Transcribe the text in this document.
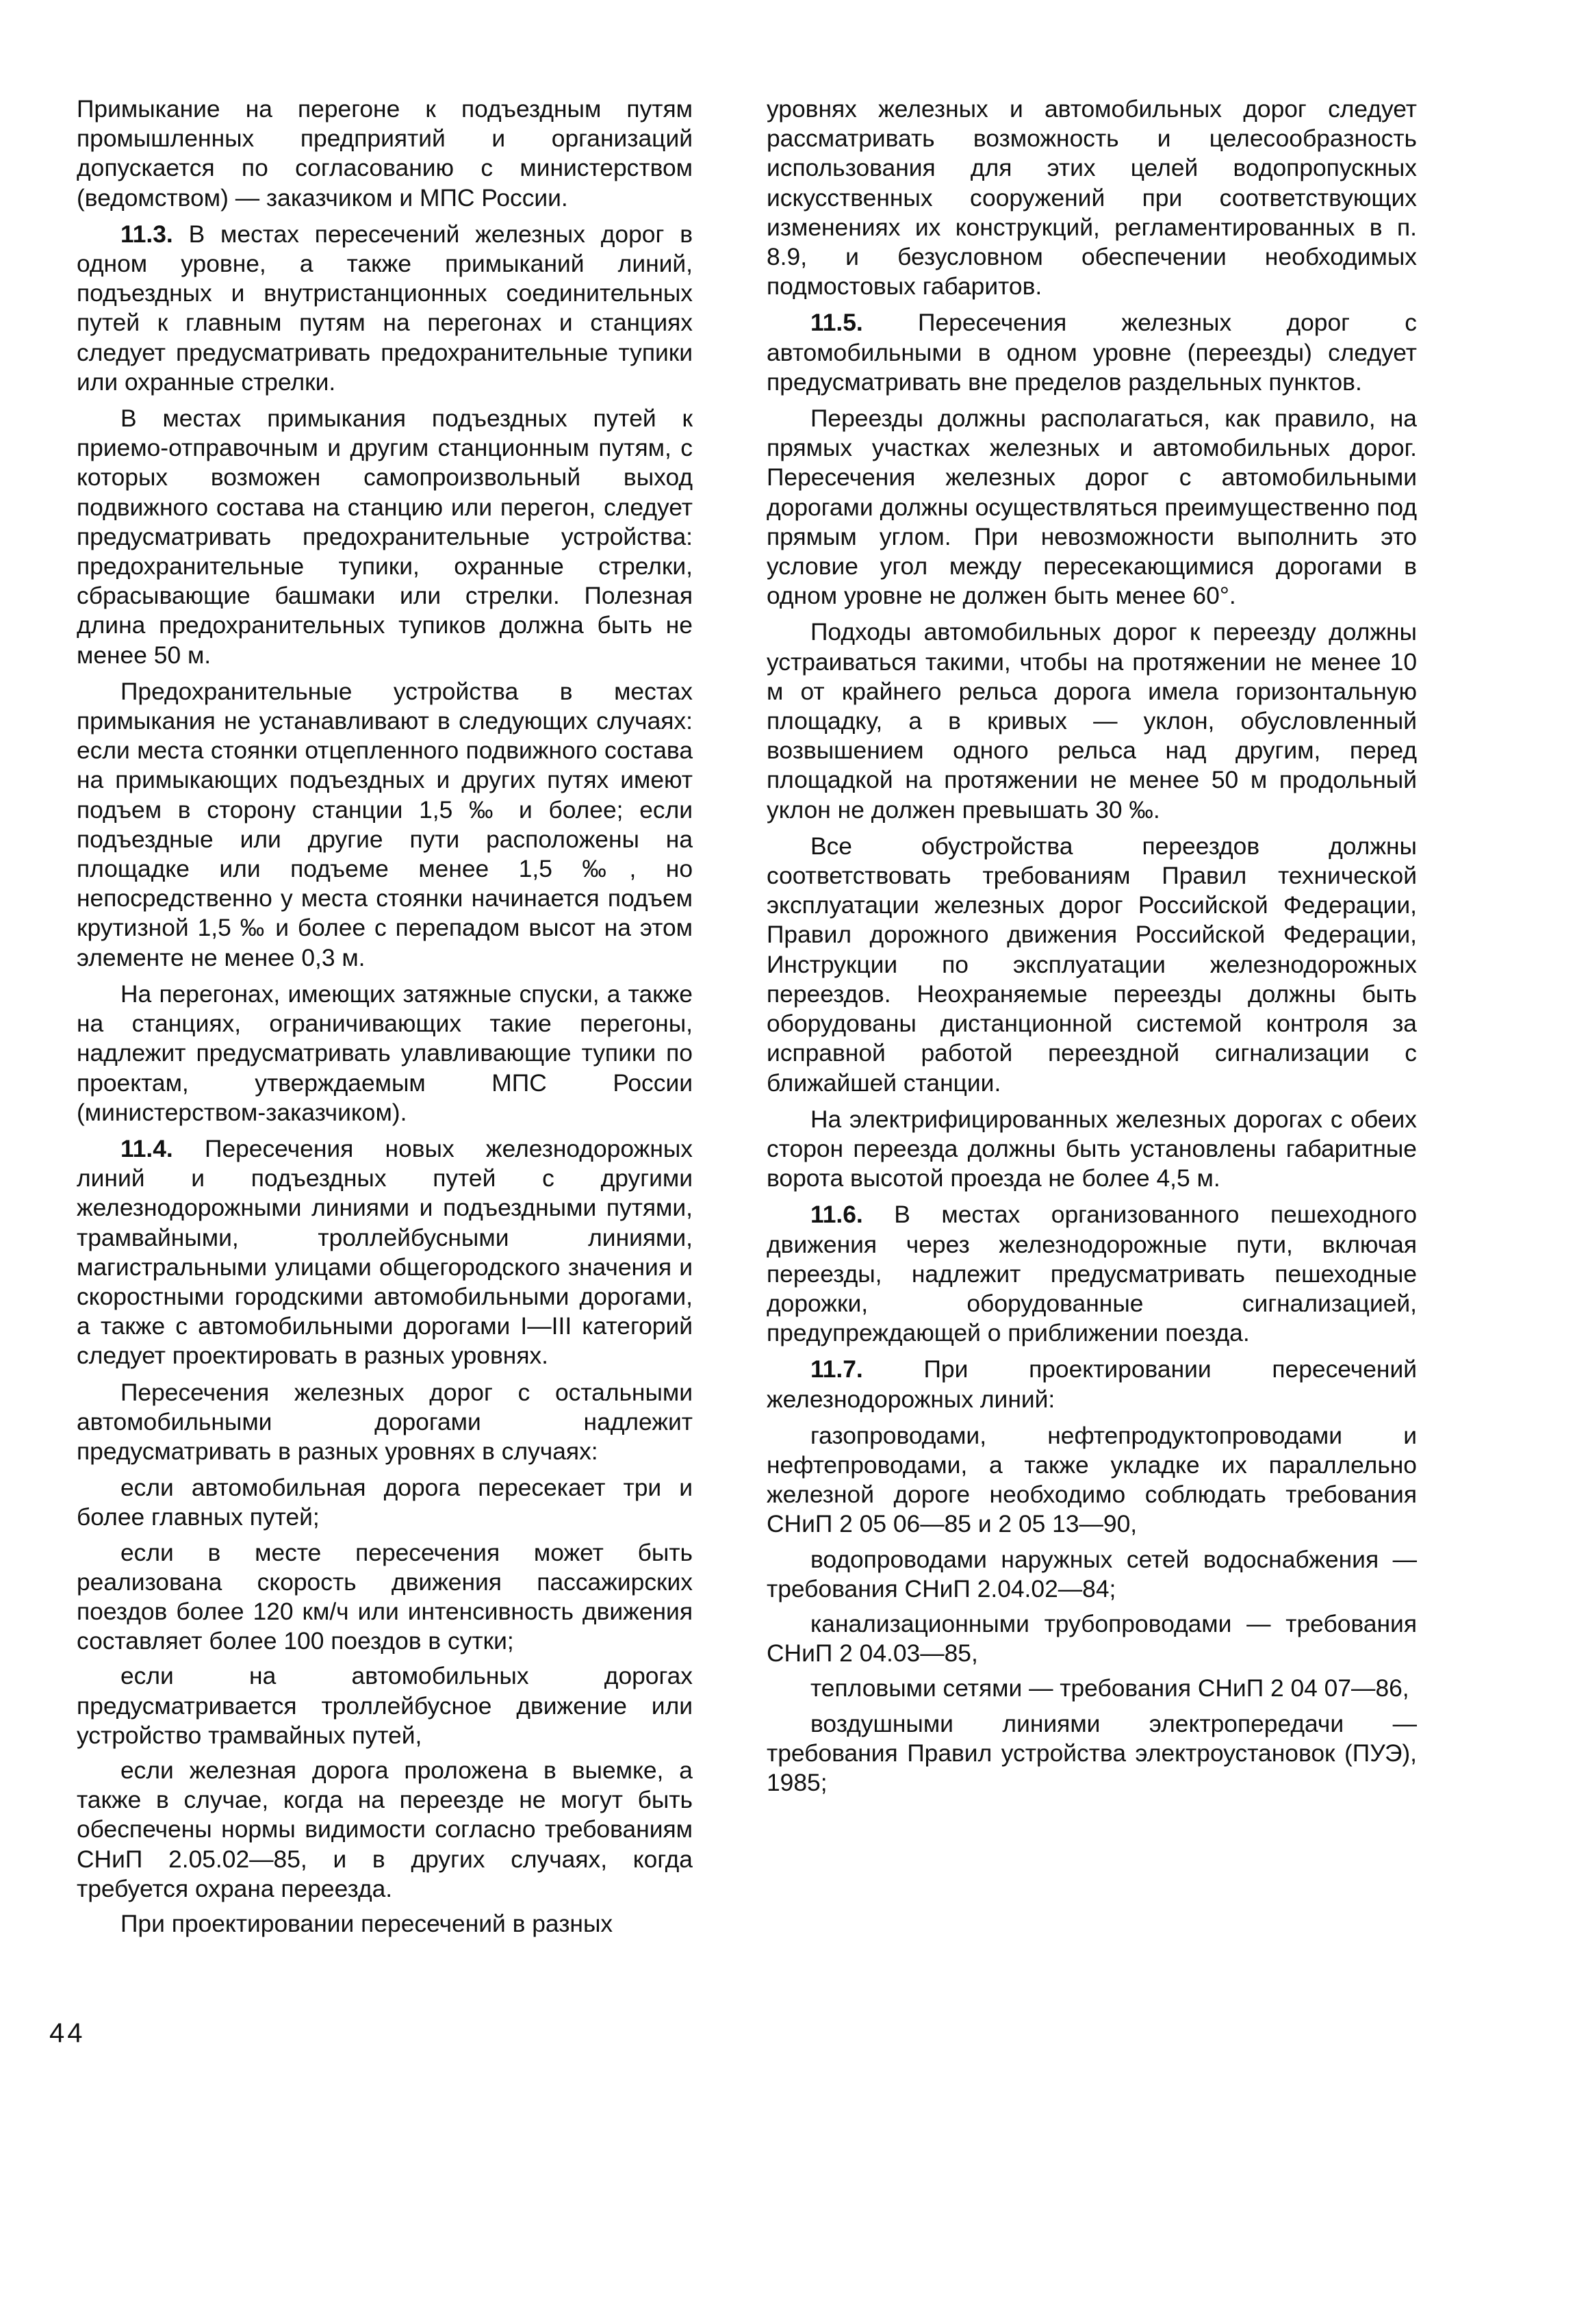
Примыкание на перегоне к подъездным путям промышленных предприятий и организаций допускается по согласованию с министерством (ведомством) — заказчиком и МПС России.

11.3. В местах пересечений железных дорог в одном уровне, а также примыканий линий, подъездных и внутристанционных соединительных путей к главным путям на перегонах и станциях следует предусматривать предохранительные тупики или охранные стрелки.

В местах примыкания подъездных путей к приемо-отправочным и другим станционным путям, с которых возможен самопроизвольный выход подвижного состава на станцию или перегон, следует предусматривать предохранительные устройства: предохранительные тупики, охранные стрелки, сбрасывающие башмаки или стрелки. Полезная длина предохранительных тупиков должна быть не менее 50 м.

Предохранительные устройства в местах примыкания не устанавливают в следующих случаях: если места стоянки отцепленного подвижного состава на примыкающих подъездных и других путях имеют подъем в сторону станции 1,5 ‰ и более; если подъездные или другие пути расположены на площадке или подъеме менее 1,5 ‰, но непосредственно у места стоянки начинается подъем крутизной 1,5 ‰ и более с перепадом высот на этом элементе не менее 0,3 м.

На перегонах, имеющих затяжные спуски, а также на станциях, ограничивающих такие перегоны, надлежит предусматривать улавливающие тупики по проектам, утверждаемым МПС России (министерством-заказчиком).

11.4. Пересечения новых железнодорожных линий и подъездных путей с другими железнодорожными линиями и подъездными путями, трамвайными, троллейбусными линиями, магистральными улицами общегородского значения и скоростными городскими автомобильными дорогами, а также с автомобильными дорогами I—III категорий следует проектировать в разных уровнях.

Пересечения железных дорог с остальными автомобильными дорогами надлежит предусматривать в разных уровнях в случаях:

если автомобильная дорога пересекает три и более главных путей;

если в месте пересечения может быть реализована скорость движения пассажирских поездов более 120 км/ч или интенсивность движения составляет более 100 поездов в сутки;

если на автомобильных дорогах предусматривается троллейбусное движение или устройство трамвайных путей,

если железная дорога проложена в выемке, а также в случае, когда на переезде не могут быть обеспечены нормы видимости согласно требованиям СНиП 2.05.02—85, и в других случаях, когда требуется охрана переезда.

При проектировании пересечений в разных

уровнях железных и автомобильных дорог следует рассматривать возможность и целесообразность использования для этих целей водопропускных искусственных сооружений при соответствующих изменениях их конструкций, регламентированных в п. 8.9, и безусловном обеспечении необходимых подмостовых габаритов.

11.5. Пересечения железных дорог с автомобильными в одном уровне (переезды) следует предусматривать вне пределов раздельных пунктов.

Переезды должны располагаться, как правило, на прямых участках железных и автомобильных дорог. Пересечения железных дорог с автомобильными дорогами должны осуществляться преимущественно под прямым углом. При невозможности выполнить это условие угол между пересекающимися дорогами в одном уровне не должен быть менее 60°.

Подходы автомобильных дорог к переезду должны устраиваться такими, чтобы на протяжении не менее 10 м от крайнего рельса дорога имела горизонтальную площадку, а в кривых — уклон, обусловленный возвышением одного рельса над другим, перед площадкой на протяжении не менее 50 м продольный уклон не должен превышать 30 ‰.

Все обустройства переездов должны соответствовать требованиям Правил технической эксплуатации железных дорог Российской Федерации, Правил дорожного движения Российской Федерации, Инструкции по эксплуатации железнодорожных переездов. Неохраняемые переезды должны быть оборудованы дистанционной системой контроля за исправной работой переездной сигнализации с ближайшей станции.

На электрифицированных железных дорогах с обеих сторон переезда должны быть установлены габаритные ворота высотой проезда не более 4,5 м.

11.6. В местах организованного пешеходного движения через железнодорожные пути, включая переезды, надлежит предусматривать пешеходные дорожки, оборудованные сигнализацией, предупреждающей о приближении поезда.

11.7. При проектировании пересечений железнодорожных линий:

газопроводами, нефтепродуктопроводами и нефтепроводами, а также укладке их параллельно железной дороге необходимо соблюдать требования СНиП 2 05 06—85 и 2 05 13—90,

водопроводами наружных сетей водоснабжения — требования СНиП 2.04.02—84;

канализационными трубопроводами — требования СНиП 2 04.03—85,

тепловыми сетями — требования СНиП 2 04 07—86,

воздушными линиями электропередачи — требования Правил устройства электроустановок (ПУЭ), 1985;

44
